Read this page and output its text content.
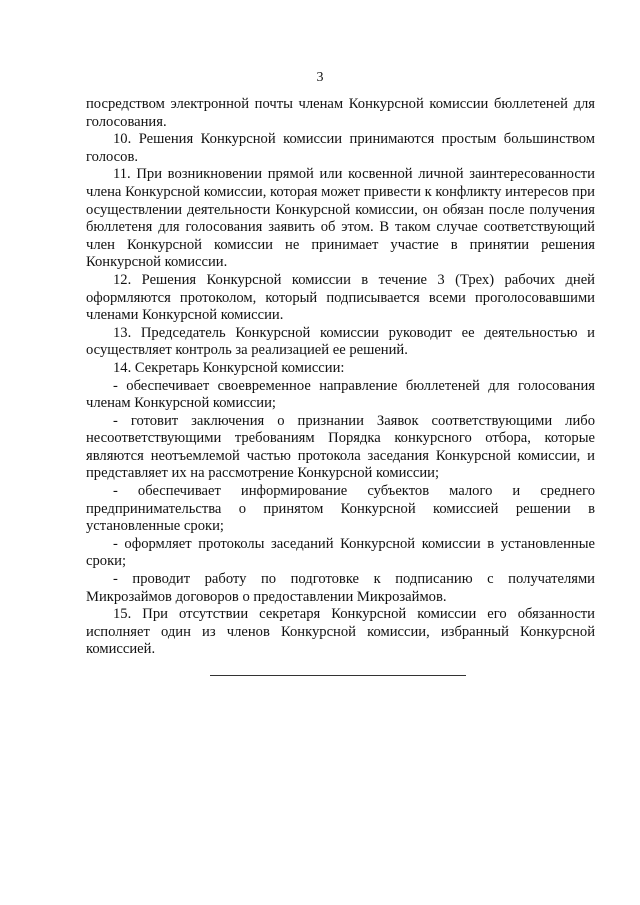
3

посредством электронной почты членам Конкурсной комиссии бюллетеней для голосования.

10. Решения Конкурсной комиссии принимаются простым большинством голосов.

11. При возникновении прямой или косвенной личной заинтересованности члена Конкурсной комиссии, которая может привести к конфликту интересов при осуществлении деятельности Конкурсной комиссии, он обязан после получения бюллетеня для голосования заявить об этом. В таком случае соответствующий член Конкурсной комиссии не принимает участие в принятии решения Конкурсной комиссии.

12. Решения Конкурсной комиссии в течение 3 (Трех) рабочих дней оформляются протоколом, который подписывается всеми проголосовавшими членами Конкурсной комиссии.

13. Председатель Конкурсной комиссии руководит ее деятельностью и осуществляет контроль за реализацией ее решений.

14. Секретарь Конкурсной комиссии:

- обеспечивает своевременное направление бюллетеней для голосования членам Конкурсной комиссии;

- готовит заключения о признании Заявок соответствующими либо несоответствующими требованиям Порядка конкурсного отбора, которые являются неотъемлемой частью протокола заседания Конкурсной комиссии, и представляет их на рассмотрение Конкурсной комиссии;

- обеспечивает информирование субъектов малого и среднего предпринимательства о принятом Конкурсной комиссией решении в установленные сроки;

- оформляет протоколы заседаний Конкурсной комиссии в установленные сроки;

- проводит работу по подготовке к подписанию с получателями Микрозаймов договоров о предоставлении Микрозаймов.

15. При отсутствии секретаря Конкурсной комиссии его обязанности исполняет один из членов Конкурсной комиссии, избранный Конкурсной комиссией.
